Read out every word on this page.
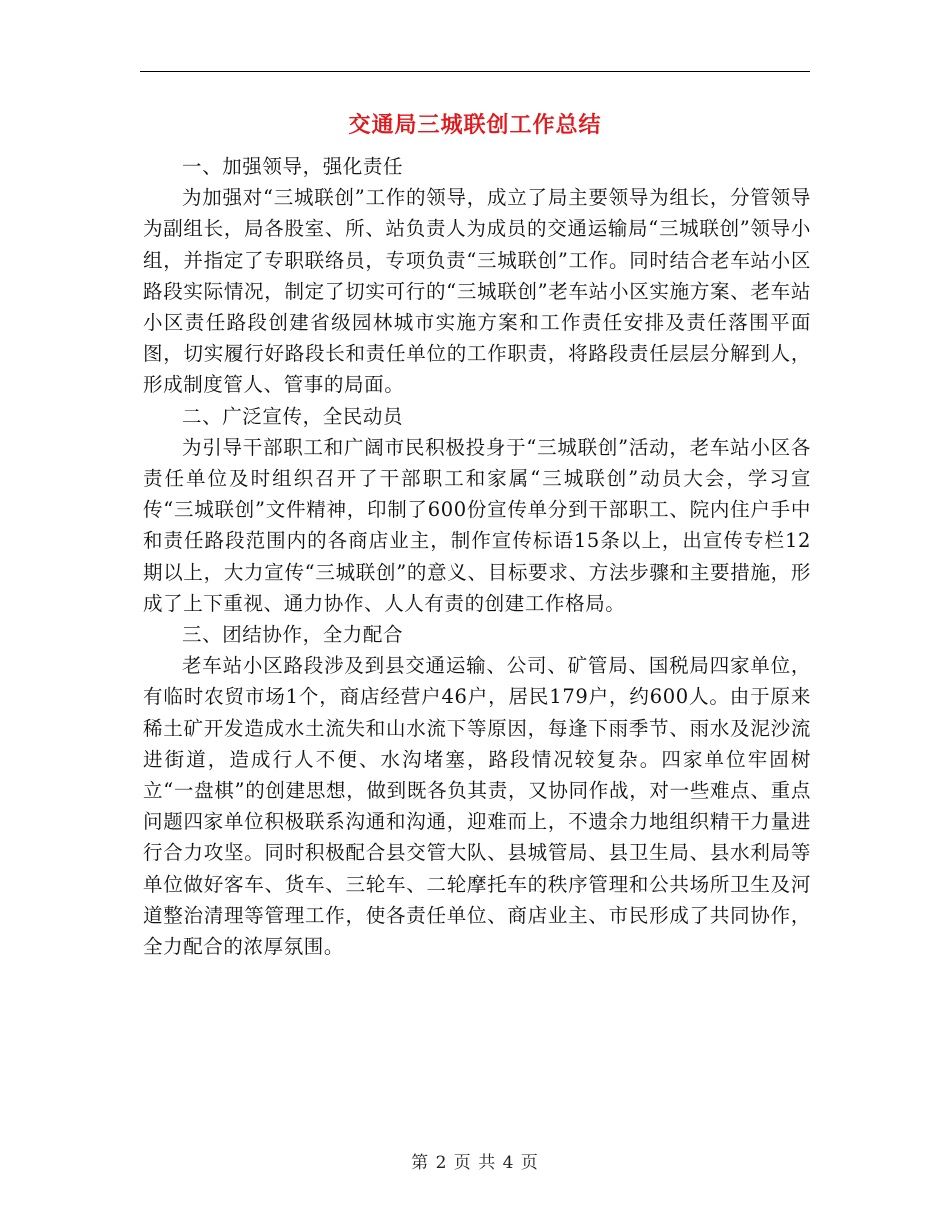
交通局三城联创工作总结

一、加强领导，强化责任

为加强对“三城联创”工作的领导，成立了局主要领导为组长，分管领导为副组长，局各股室、所、站负责人为成员的交通运输局“三城联创”领导小组，并指定了专职联络员，专项负责“三城联创”工作。同时结合老车站小区路段实际情况，制定了切实可行的“三城联创”老车站小区实施方案、老车站小区责任路段创建省级园林城市实施方案和工作责任安排及责任落围平面图，切实履行好路段长和责任单位的工作职责，将路段责任层层分解到人，形成制度管人、管事的局面。

二、广泛宣传，全民动员

为引导干部职工和广阔市民积极投身于“三城联创”活动，老车站小区各责任单位及时组织召开了干部职工和家属“三城联创”动员大会，学习宣传“三城联创”文件精神，印制了600份宣传单分到干部职工、院内住户手中和责任路段范围内的各商店业主，制作宣传标语15条以上，出宣传专栏12期以上，大力宣传“三城联创”的意义、目标要求、方法步骤和主要措施，形成了上下重视、通力协作、人人有责的创建工作格局。

三、团结协作，全力配合

老车站小区路段涉及到县交通运输、公司、矿管局、国税局四家单位，有临时农贸市场1个，商店经营户46户，居民179户，约600人。由于原来稀土矿开发造成水土流失和山水流下等原因，每逢下雨季节、雨水及泥沙流进街道，造成行人不便、水沟堵塞，路段情况较复杂。四家单位牢固树立“一盘棋”的创建思想，做到既各负其责，又协同作战，对一些难点、重点问题四家单位积极联系沟通和沟通，迎难而上，不遗余力地组织精干力量进行合力攻坚。同时积极配合县交管大队、县城管局、县卫生局、县水利局等单位做好客车、货车、三轮车、二轮摩托车的秩序管理和公共场所卫生及河道整治清理等管理工作，使各责任单位、商店业主、市民形成了共同协作，全力配合的浓厚氛围。

第 2 页 共 4 页
